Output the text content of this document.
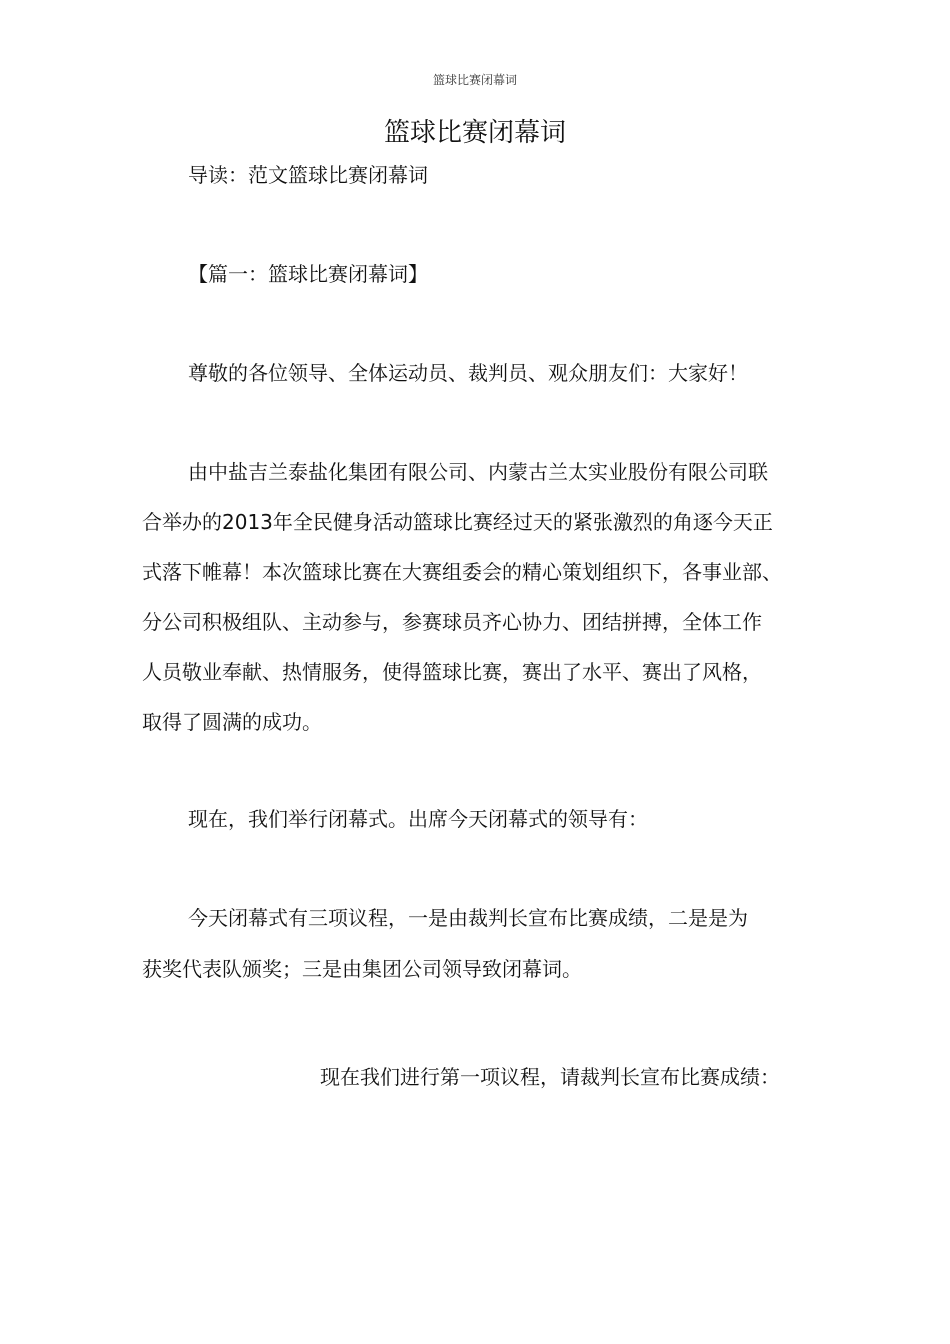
篮球比赛闭幕词
篮球比赛闭幕词
导读：范文篮球比赛闭幕词
【篇一：篮球比赛闭幕词】
尊敬的各位领导、全体运动员、裁判员、观众朋友们：大家好！
由中盐吉兰泰盐化集团有限公司、内蒙古兰太实业股份有限公司联
合举办的2013年全民健身活动篮球比赛经过天的紧张激烈的角逐今天正
式落下帷幕！本次篮球比赛在大赛组委会的精心策划组织下，各事业部、
分公司积极组队、主动参与，参赛球员齐心协力、团结拼搏，全体工作
人员敬业奉献、热情服务，使得篮球比赛，赛出了水平、赛出了风格，
取得了圆满的成功。
现在，我们举行闭幕式。出席今天闭幕式的领导有：
今天闭幕式有三项议程，一是由裁判长宣布比赛成绩，二是是为
获奖代表队颁奖；三是由集团公司领导致闭幕词。
现在我们进行第一项议程，请裁判长宣布比赛成绩：
